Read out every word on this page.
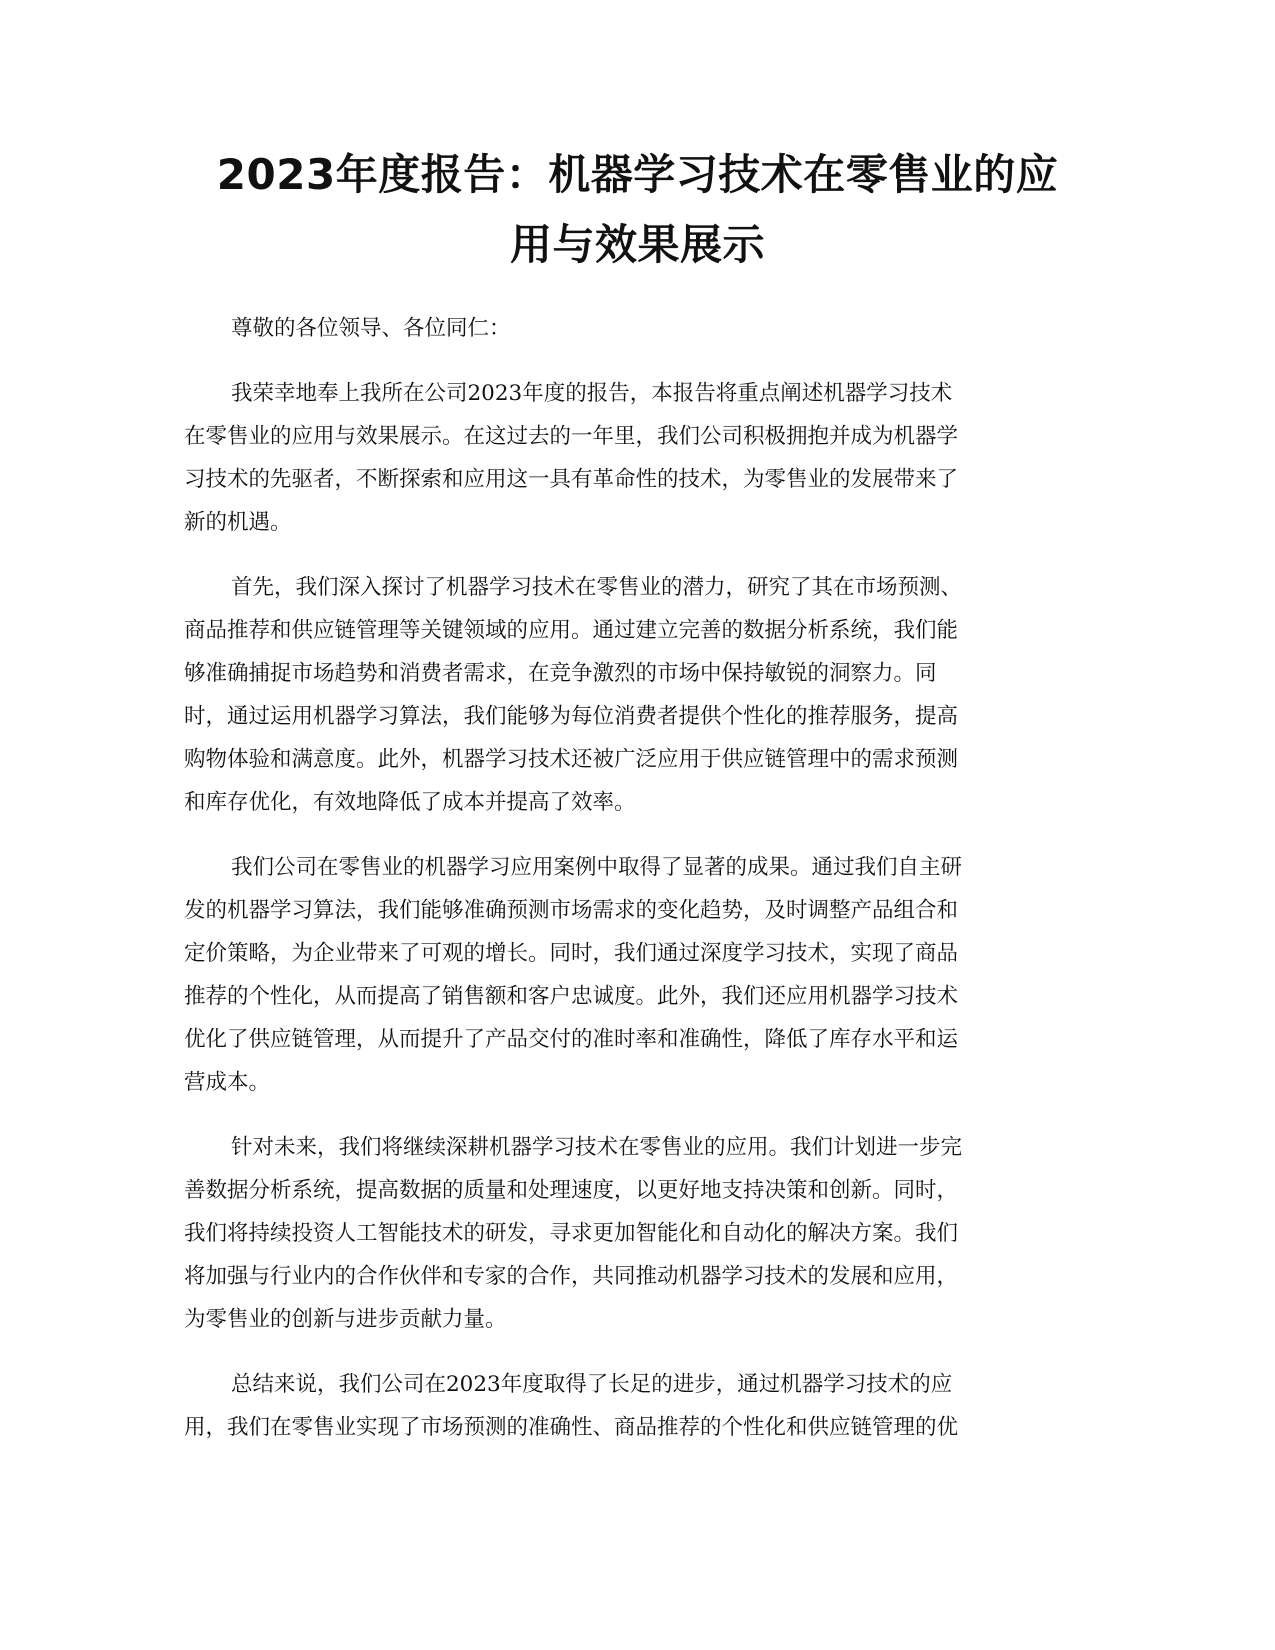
2023年度报告：机器学习技术在零售业的应
用与效果展示

尊敬的各位领导、各位同仁：

我荣幸地奉上我所在公司2023年度的报告，本报告将重点阐述机器学习技术
在零售业的应用与效果展示。在这过去的一年里，我们公司积极拥抱并成为机器学
习技术的先驱者，不断探索和应用这一具有革命性的技术，为零售业的发展带来了
新的机遇。

首先，我们深入探讨了机器学习技术在零售业的潜力，研究了其在市场预测、
商品推荐和供应链管理等关键领域的应用。通过建立完善的数据分析系统，我们能
够准确捕捉市场趋势和消费者需求，在竞争激烈的市场中保持敏锐的洞察力。同
时，通过运用机器学习算法，我们能够为每位消费者提供个性化的推荐服务，提高
购物体验和满意度。此外，机器学习技术还被广泛应用于供应链管理中的需求预测
和库存优化，有效地降低了成本并提高了效率。

我们公司在零售业的机器学习应用案例中取得了显著的成果。通过我们自主研
发的机器学习算法，我们能够准确预测市场需求的变化趋势，及时调整产品组合和
定价策略，为企业带来了可观的增长。同时，我们通过深度学习技术，实现了商品
推荐的个性化，从而提高了销售额和客户忠诚度。此外，我们还应用机器学习技术
优化了供应链管理，从而提升了产品交付的准时率和准确性，降低了库存水平和运
营成本。

针对未来，我们将继续深耕机器学习技术在零售业的应用。我们计划进一步完
善数据分析系统，提高数据的质量和处理速度，以更好地支持决策和创新。同时，
我们将持续投资人工智能技术的研发，寻求更加智能化和自动化的解决方案。我们
将加强与行业内的合作伙伴和专家的合作，共同推动机器学习技术的发展和应用，
为零售业的创新与进步贡献力量。

总结来说，我们公司在2023年度取得了长足的进步，通过机器学习技术的应
用，我们在零售业实现了市场预测的准确性、商品推荐的个性化和供应链管理的优
